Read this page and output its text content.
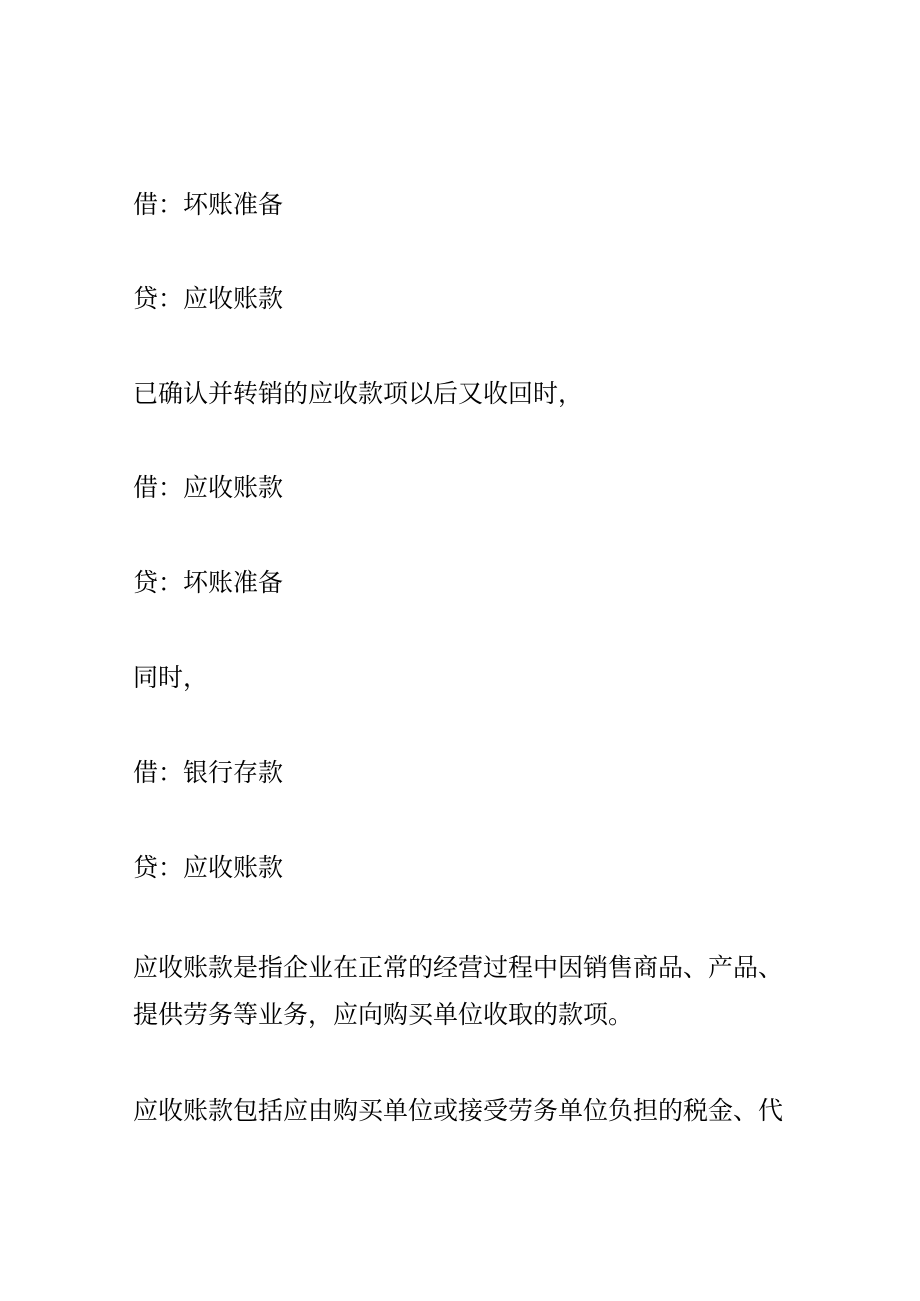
借：坏账准备
贷：应收账款
已确认并转销的应收款项以后又收回时，
借：应收账款
贷：坏账准备
同时，
借：银行存款
贷：应收账款
应收账款是指企业在正常的经营过程中因销售商品、产品、
提供劳务等业务，应向购买单位收取的款项。
应收账款包括应由购买单位或接受劳务单位负担的税金、代
